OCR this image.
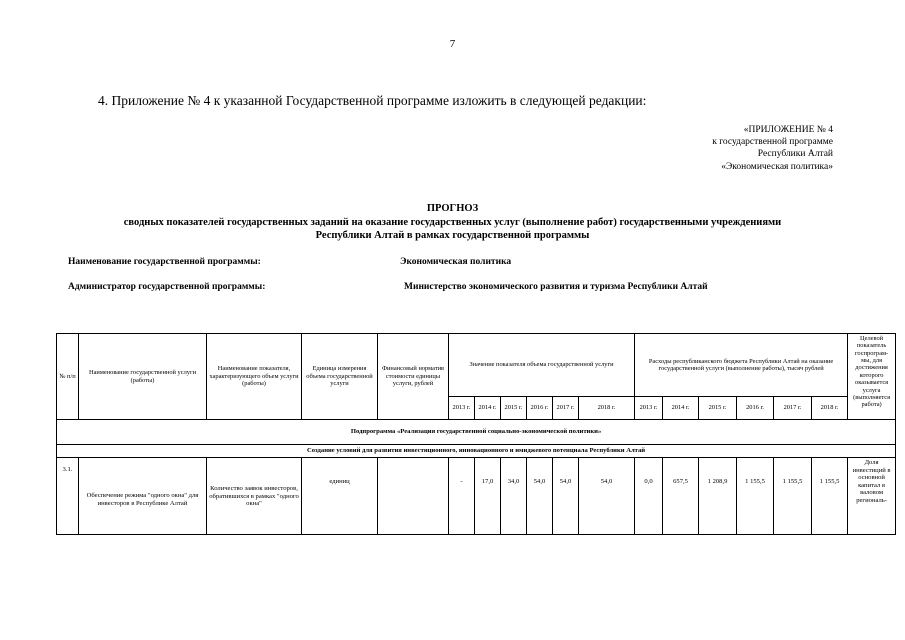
7
4. Приложение № 4 к указанной Государственной программе изложить в следующей редакции:
«ПРИЛОЖЕНИЕ № 4
к государственной программе
Республики Алтай
«Экономическая политика»
ПРОГНОЗ
сводных показателей государственных заданий на оказание государственных услуг (выполнение работ) государственными учреждениями
Республики Алтай в рамках государственной программы
Наименование государственной программы:	Экономическая политика
Администратор государственной программы:	Министерство экономического развития и туризма Республики Алтай
№ п/п	Наименование государственной услуги (работы)	Наименование показателя, характеризующего объем услуги (работы)	Единица измерения объема государственной услуги	Финансовый норматив стоимости единицы услуги, рублей	Значение показателя объема государственной услуги						Расходы республиканского бюджета Республики Алтай на оказание государственной услуги (выполнение работы), тысяч рублей						Целевой показатель госпрограм-мы, для достижения которого оказывается услуга (выполняется работа)
					2013 г.	2014 г.	2015 г.	2016 г.	2017 г.	2018 г.	2013 г.	2014 г.	2015 г.	2016 г.	2017 г.	2018 г.	
Подпрограмма «Реализация государственной социально-экономической политики»																	
Создание условий для развития инвестиционного, инновационного и имиджевого потенциала Республики Алтай																	
3.1.	Обеспечение режима "одного окна" для инвесторов в Республике Алтай	Количество заявок инвесторов, обратившихся в рамках "одного окна"	единиц		-	17,0	34,0	54,0	54,0	54,0	0,0	657,5	1 208,9	1 155,5	1 155,5	1 155,5	Доля инвестиций в основной капитал в валовом региональ-
